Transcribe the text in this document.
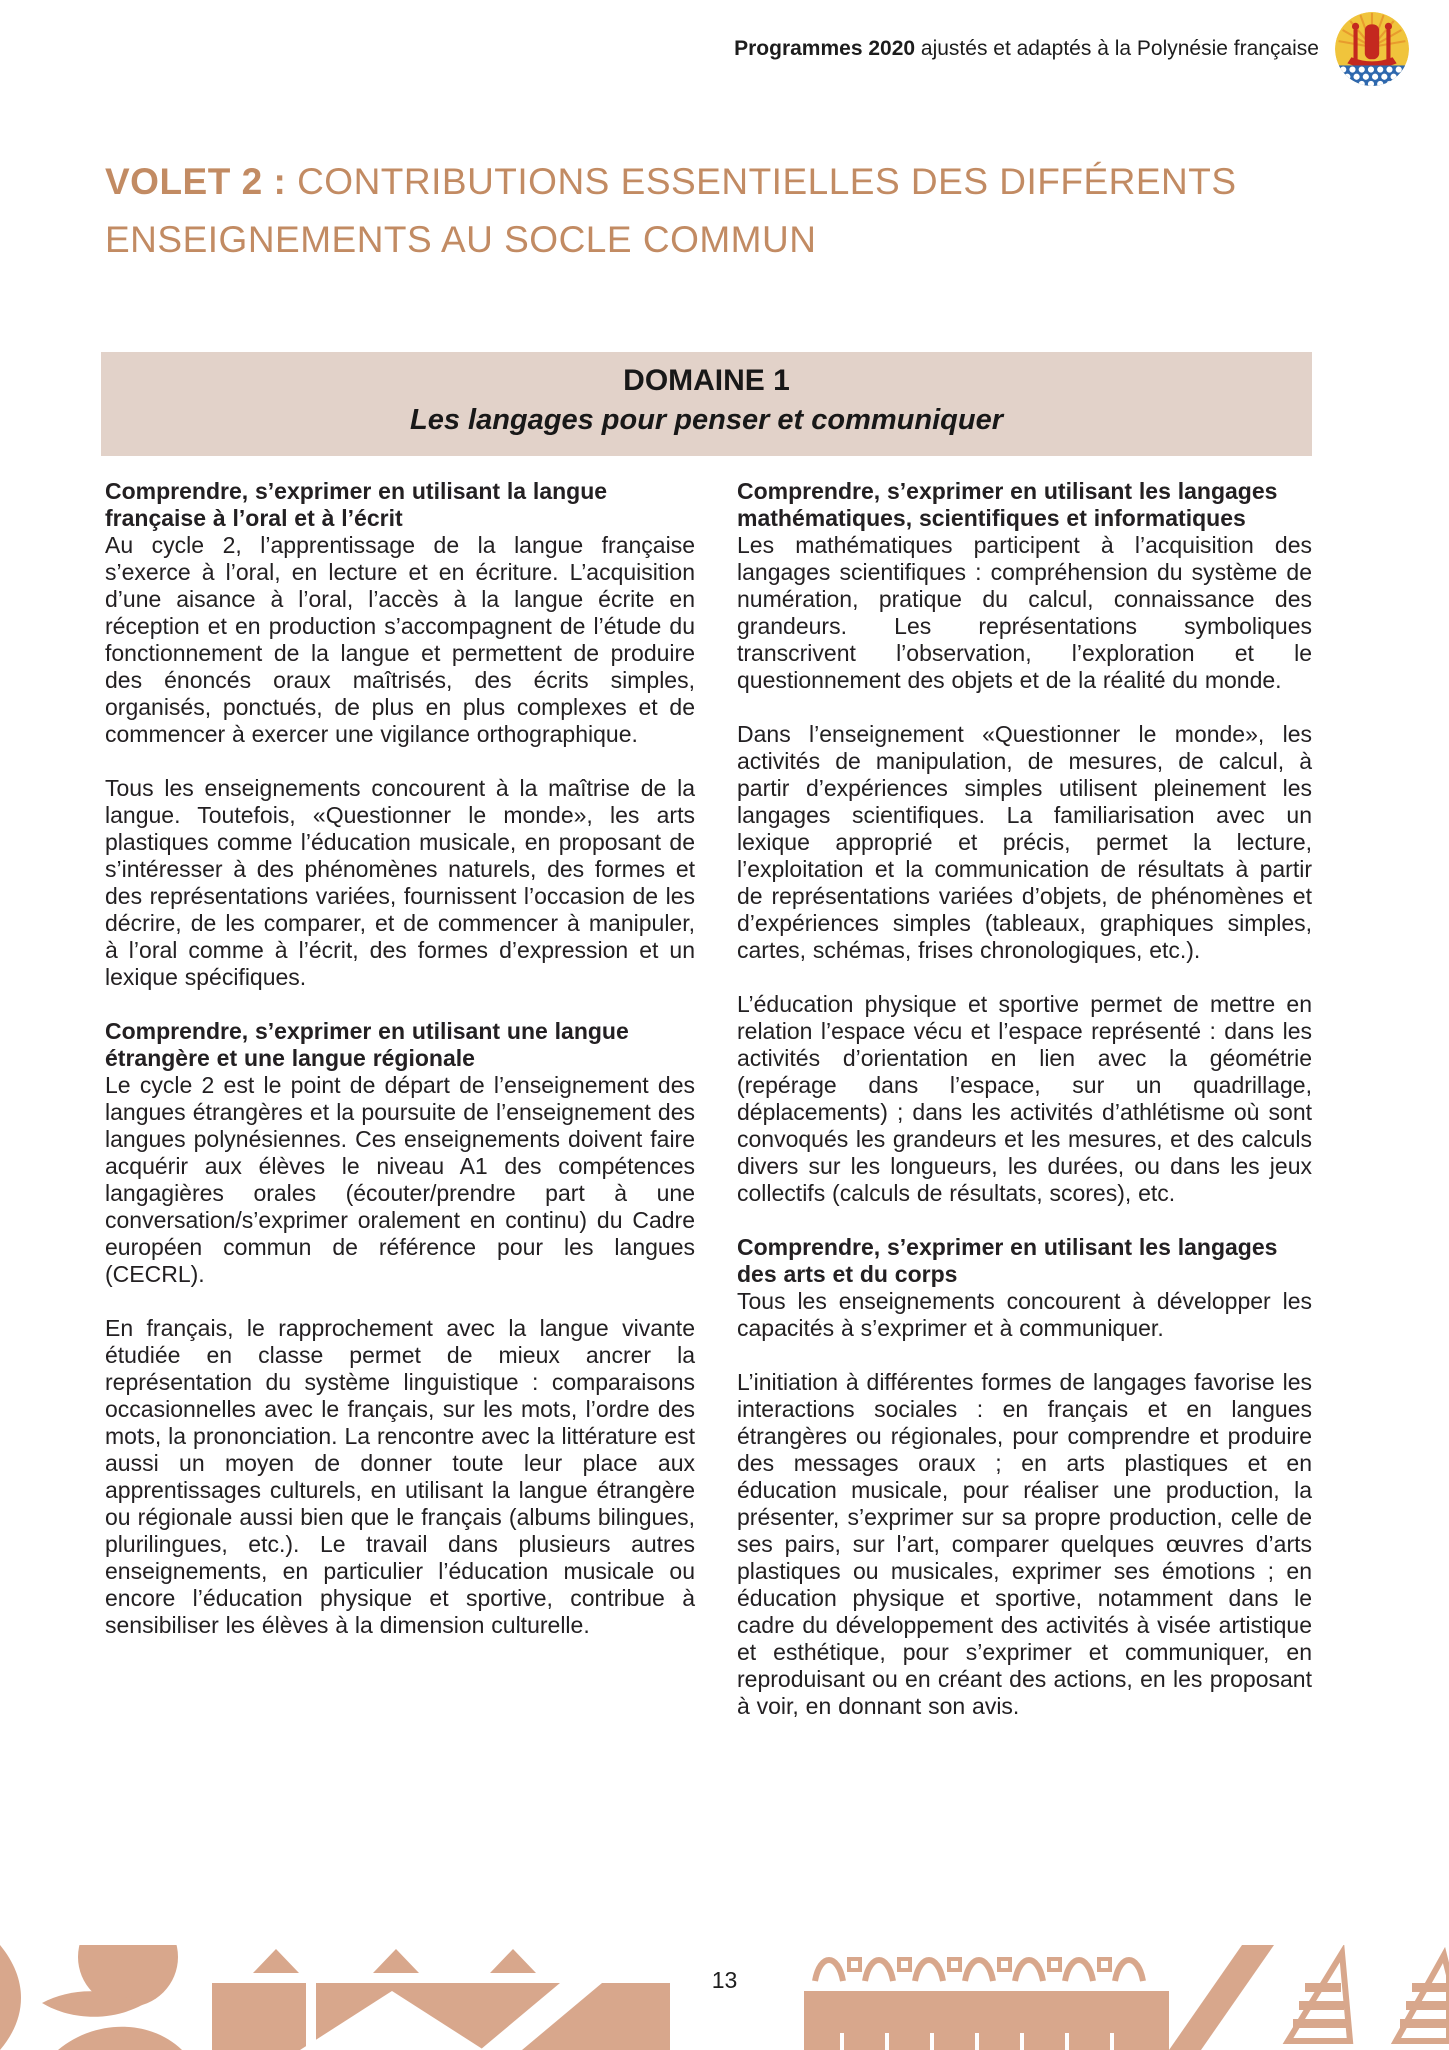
Programmes 2020 ajustés et adaptés à la Polynésie française
VOLET 2 : CONTRIBUTIONS ESSENTIELLES DES DIFFÉRENTS ENSEIGNEMENTS AU SOCLE COMMUN
DOMAINE 1
Les langages pour penser et communiquer
Comprendre, s’exprimer en utilisant la langue française à l’oral et à l’écrit

Au cycle 2, l’apprentissage de la langue française s’exerce à l’oral, en lecture et en écriture. L’acquisition d’une aisance à l’oral, l’accès à la langue écrite en réception et en production s’accompagnent de l’étude du fonctionnement de la langue et permettent de produire des énoncés oraux maîtrisés, des écrits simples, organisés, ponctués, de plus en plus complexes et de commencer à exercer une vigilance orthographique.

Tous les enseignements concourent à la maîtrise de la langue. Toutefois, «Questionner le monde», les arts plastiques comme l’éducation musicale, en proposant de s’intéresser à des phénomènes naturels, des formes et des représentations variées, fournissent l’occasion de les décrire, de les comparer, et de commencer à manipuler, à l’oral comme à l’écrit, des formes d’expression et un lexique spécifiques.

Comprendre, s’exprimer en utilisant une langue étrangère et une langue régionale

Le cycle 2 est le point de départ de l’enseignement des langues étrangères et la poursuite de l’enseignement des langues polynésiennes. Ces enseignements doivent faire acquérir aux élèves le niveau A1 des compétences langagières orales (écouter/prendre part à une conversation/s’exprimer oralement en continu) du Cadre européen commun de référence pour les langues (CECRL).

En français, le rapprochement avec la langue vivante étudiée en classe permet de mieux ancrer la représentation du système linguistique : comparaisons occasionnelles avec le français, sur les mots, l’ordre des mots, la prononciation. La rencontre avec la littérature est aussi un moyen de donner toute leur place aux apprentissages culturels, en utilisant la langue étrangère ou régionale aussi bien que le français (albums bilingues, plurilingues, etc.). Le travail dans plusieurs autres enseignements, en particulier l’éducation musicale ou encore l’éducation physique et sportive, contribue à sensibiliser les élèves à la dimension culturelle.

Comprendre, s’exprimer en utilisant les langages mathématiques, scientifiques et informatiques

Les mathématiques participent à l’acquisition des langages scientifiques : compréhension du système de numération, pratique du calcul, connaissance des grandeurs. Les représentations symboliques transcrivent l’observation, l’exploration et le questionnement des objets et de la réalité du monde.

Dans l’enseignement «Questionner le monde», les activités de manipulation, de mesures, de calcul, à partir d’expériences simples utilisent pleinement les langages scientifiques. La familiarisation avec un lexique approprié et précis, permet la lecture, l’exploitation et la communication de résultats à partir de représentations variées d’objets, de phénomènes et d’expériences simples (tableaux, graphiques simples, cartes, schémas, frises chronologiques, etc.).

L’éducation physique et sportive permet de mettre en relation l’espace vécu et l’espace représenté : dans les activités d’orientation en lien avec la géométrie (repérage dans l’espace, sur un quadrillage, déplacements) ; dans les activités d’athlétisme où sont convoqués les grandeurs et les mesures, et des calculs divers sur les longueurs, les durées, ou dans les jeux collectifs (calculs de résultats, scores), etc.

Comprendre, s’exprimer en utilisant les langages des arts et du corps

Tous les enseignements concourent à développer les capacités à s’exprimer et à communiquer.

L’initiation à différentes formes de langages favorise les interactions sociales : en français et en langues étrangères ou régionales, pour comprendre et produire des messages oraux ; en arts plastiques et en éducation musicale, pour réaliser une production, la présenter, s’exprimer sur sa propre production, celle de ses pairs, sur l’art, comparer quelques œuvres d’arts plastiques ou musicales, exprimer ses émotions ; en éducation physique et sportive, notamment dans le cadre du développement des activités à visée artistique et esthétique, pour s’exprimer et communiquer, en reproduisant ou en créant des actions, en les proposant à voir, en donnant son avis.

13
